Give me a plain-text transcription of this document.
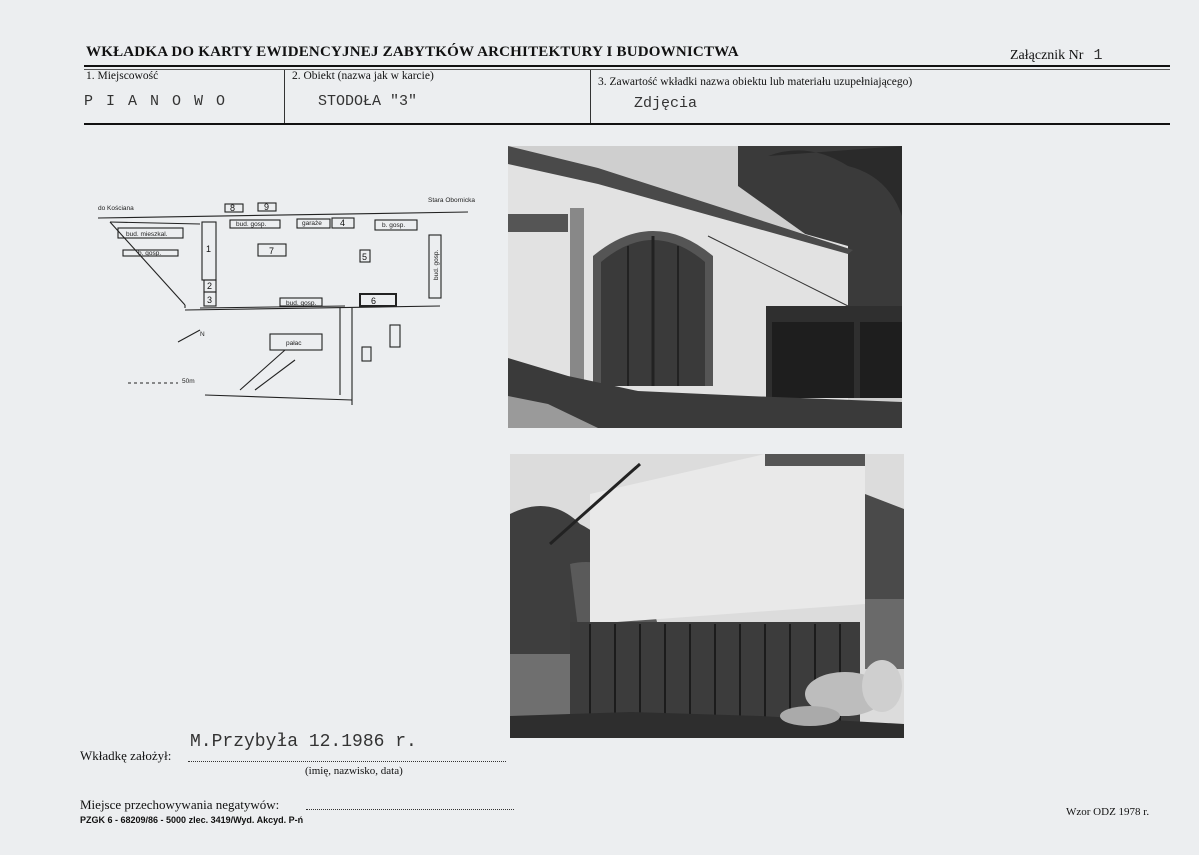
WKŁADKA DO KARTY EWIDENCYJNEJ ZABYTKÓW ARCHITEKTURY I BUDOWNICTWA	Załącznik Nr 1
1. Miejscowość	2. Obiekt (nazwa jak w karcie)	3. Zawartość wkładki nazwa obiektu lub materiału uzupełniającego)
P I A N O W O	STODOŁA "3"	Zdjęcia
do Kościana
Stara Obornicka
bud. mieszkal.
b. gosp.
bud. gosp.	garaże	b. gosp.
bud. gosp.
bud. gosp.
pałac
50m
N
1
2
3
4
5
6
7
8	9
M.Przybyła 12.1986 r.
Wkładkę założył:
(imię, nazwisko, data)
Miejsce przechowywania negatywów:
PZGK 6 - 68209/86 - 5000 zlec. 3419/Wyd. Akcyd. P-ń
Wzor ODZ 1978 r.
